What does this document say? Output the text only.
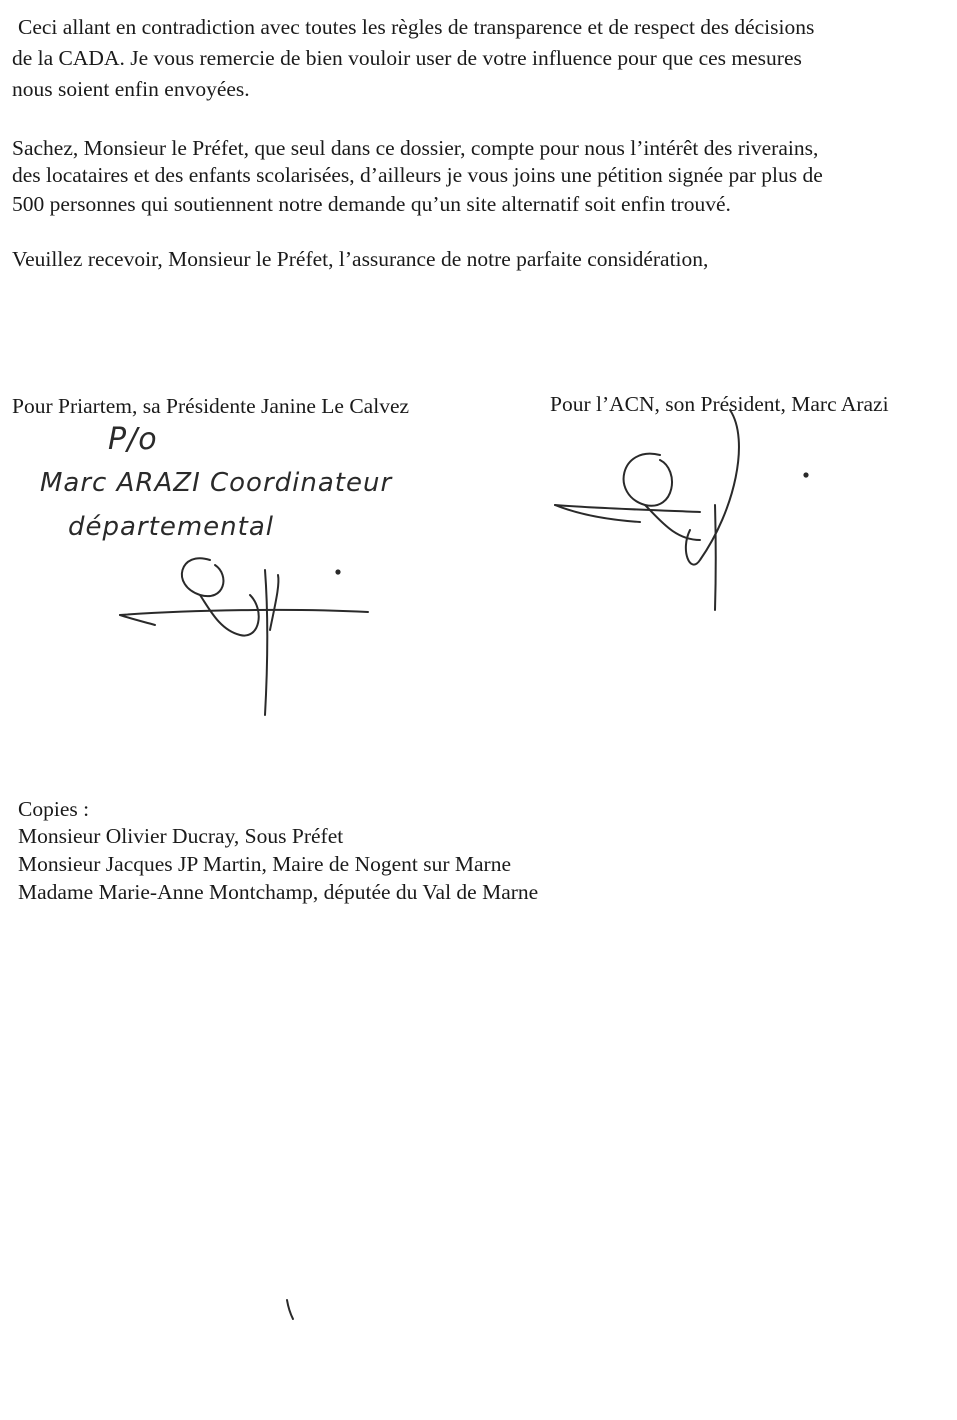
Ceci allant en contradiction avec toutes les règles de transparence et de respect des décisions
de la CADA. Je vous remercie de bien vouloir user de votre influence pour que ces mesures
nous soient enfin envoyées.
Sachez, Monsieur le Préfet, que seul dans ce dossier, compte pour nous l’intérêt des riverains,
des locataires et des enfants scolarisées, d’ailleurs je vous joins une pétition signée par plus de
500 personnes qui soutiennent notre demande qu’un site alternatif soit enfin trouvé.
Veuillez recevoir, Monsieur le Préfet, l’assurance de notre parfaite considération,
Pour Priartem, sa Présidente Janine Le Calvez	Pour l’ACN, son Président, Marc Arazi
P/o
Marc ARAZI Coordinateur
départemental
Copies :
Monsieur Olivier Ducray, Sous Préfet
Monsieur Jacques JP Martin, Maire de Nogent sur Marne
Madame Marie-Anne Montchamp, députée du Val de Marne
